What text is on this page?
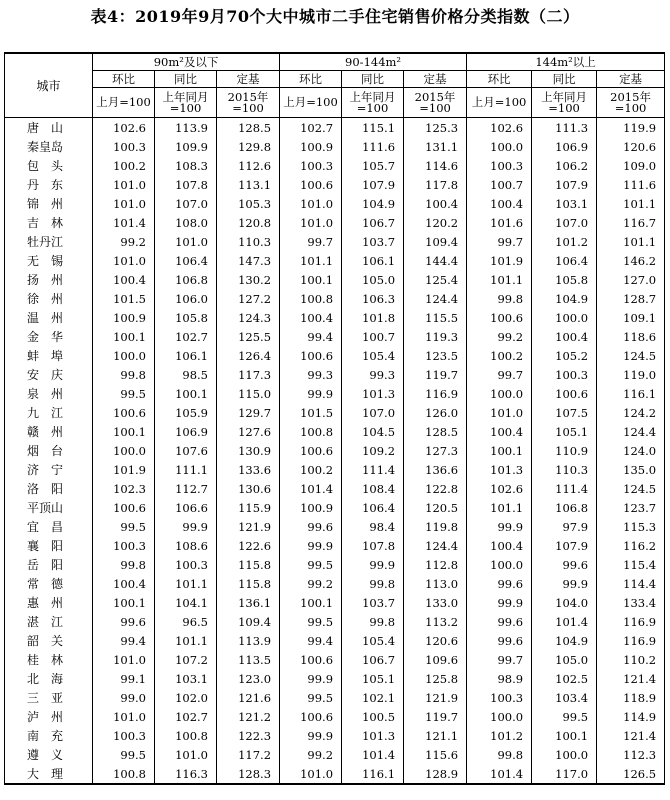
表4：2019年9月70个大中城市二手住宅销售价格分类指数（二）
城市	90m²及以下			90-144m²			144m²以上		
	环比	同比	定基	环比	同比	定基	环比	同比	定基
	上月=100	上年同月=100	2015年=100	上月=100	上年同月=100	2015年=100	上月=100	上年同月=100	2015年=100
唐　山	102.6	113.9	128.5	102.7	115.1	125.3	102.6	111.3	119.9
秦皇岛	100.3	109.9	129.8	100.9	111.6	131.1	100.0	106.9	120.6
包　头	100.2	108.3	112.6	100.3	105.7	114.6	100.3	106.2	109.0
丹　东	101.0	107.8	113.1	100.6	107.9	117.8	100.7	107.9	111.6
锦　州	101.0	107.0	105.3	101.0	104.9	100.4	100.4	103.1	101.1
吉　林	101.4	108.0	120.8	101.0	106.7	120.2	101.6	107.0	116.7
牡丹江	99.2	101.0	110.3	99.7	103.7	109.4	99.7	101.2	101.1
无　锡	101.0	106.4	147.3	101.1	106.1	144.4	101.9	106.4	146.2
扬　州	100.4	106.8	130.2	100.1	105.0	125.4	101.1	105.8	127.0
徐　州	101.5	106.0	127.2	100.8	106.3	124.4	99.8	104.9	128.7
温　州	100.9	105.8	124.3	100.4	101.8	115.5	100.6	100.0	109.1
金　华	100.1	102.7	125.5	99.4	100.7	119.3	99.2	100.4	118.6
蚌　埠	100.0	106.1	126.4	100.6	105.4	123.5	100.2	105.2	124.5
安　庆	99.8	98.5	117.3	99.3	99.3	119.7	99.7	100.3	119.0
泉　州	99.5	100.1	115.0	99.9	101.3	116.9	100.0	100.6	116.1
九　江	100.6	105.9	129.7	101.5	107.0	126.0	101.0	107.5	124.2
赣　州	100.1	106.9	127.6	100.8	104.5	128.5	100.4	105.1	124.4
烟　台	100.0	107.6	130.9	100.6	109.2	127.3	100.1	110.9	124.0
济　宁	101.9	111.1	133.6	100.2	111.4	136.6	101.3	110.3	135.0
洛　阳	102.3	112.7	130.6	101.4	108.4	122.8	102.6	111.4	124.5
平顶山	100.6	106.6	115.9	100.9	106.4	120.5	101.1	106.8	123.7
宜　昌	99.5	99.9	121.9	99.6	98.4	119.8	99.9	97.9	115.3
襄　阳	100.3	108.6	122.6	99.9	107.8	124.4	100.4	107.9	116.2
岳　阳	99.8	100.3	115.8	99.5	99.9	112.8	100.0	99.6	115.4
常　德	100.4	101.1	115.8	99.2	99.8	113.0	99.6	99.9	114.4
惠　州	100.1	104.1	136.1	100.1	103.7	133.0	99.9	104.0	133.4
湛　江	99.6	96.5	109.4	99.5	99.8	113.2	99.6	101.4	116.9
韶　关	99.4	101.1	113.9	99.4	105.4	120.6	99.6	104.9	116.9
桂　林	101.0	107.2	113.5	100.6	106.7	109.6	99.7	105.0	110.2
北　海	99.1	103.1	123.0	99.9	105.1	125.8	98.9	102.5	121.4
三　亚	99.0	102.0	121.6	99.5	102.1	121.9	100.3	103.4	118.9
泸　州	101.0	102.7	121.2	100.6	100.5	119.7	100.0	99.5	114.9
南　充	100.3	100.8	122.3	99.9	101.3	121.1	101.2	100.1	121.4
遵　义	99.5	101.0	117.2	99.2	101.4	115.6	99.8	100.0	112.3
大　理	100.8	116.3	128.3	101.0	116.1	128.9	101.4	117.0	126.5
